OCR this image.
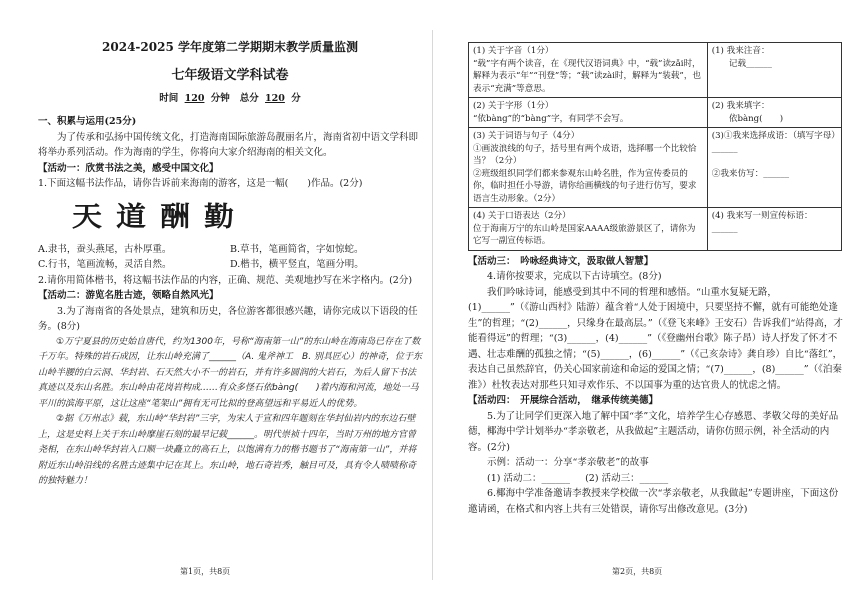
2024-2025 学年度第二学期期末教学质量监测
七年级语文学科试卷
时间 120 分钟 总分 120 分

一、积累与运用(25分)

为了传承和弘扬中国传统文化，打造海南国际旅游岛靓丽名片，海南省初中语文学科即将举办系列活动。作为海南的学生，你将向大家介绍海南的相关文化。

【活动一：欣赏书法之美，感受中国文化】

1.下面这幅书法作品，请你告诉前来海南的游客，这是一幅(　　)作品。(2分)

天道酬勤
A.隶书，蚕头燕尾，古朴厚重。	B.草书，笔画简省，字如惊蛇。
C.行书，笔画流畅，灵活自然。	D.楷书，横平竖直，笔画分明。

2.请你用简体楷书，将这幅书法作品的内容，正确、规范、美观地抄写在米字格内。(2分)

【活动二：游览名胜古迹，领略自然风光】

3.为了海南省的各处景点，建筑和历史，各位游客都很感兴趣，请你完成以下语段的任务。(8分)

①万宁夏县的历史始自唐代，约为1300年，号称“海南第一山”的东山岭在海南岛已存在了数千万年。特殊的岩石成因，让东山岭充满了______（A. 鬼斧神工　B. 别具匠心）的神奇，位于东山岭半腰的白云洞、华封岩、石天然大小不一的岩石，并有许多圆润的大岩石，为后人留下书法真迹以及东山名胜。东山岭由花岗岩构成……有众多怪石依bàng(　　)着内海和河流，地处一马平川的滨海平原，这让这座“笔架山”拥有无可比拟的登高望远和平易近人的优势。

②据《万州志》载，东山岭“华封岩”三字，为宋人于宣和四年题刻在华封仙岩内的东边石壁上，这是史料上关于东山岭摩崖石刻的最早记载______。明代崇祯十四年，当时万州的地方官曾尧相，在东山岭华封岩入口顺一块矗立的高石上，以饱满有力的楷书题书了“海南第一山”，并将附近东山岭沿线的名胜古迹集中记在其上。东山岭，地石奇岩秀，触目可及，具有令人啧啧称奇的独特魅力！

第1页，共8页
(1) 关于字音（1分）
“载”字有两个读音，在《现代汉语词典》中，“载”读zǎi时，解释为表示“年”“刊登”等；“载”读zài时，解释为“装载”，也表示“充满”等意思。	(1) 我来注音：
　　记载______
(2) 关于字形（1分）
“依bàng”的“bàng”字，有同学不会写。	(2) 我来填字：
　　依bàng(　　)
(3) 关于词语与句子（4分）
①画波浪线的句子，括号里有两个成语，选择哪一个比较恰当？（2分）
②班级组织同学们都来参观东山岭名胜，作为宣传委员的你，临时担任小导游，请你给画横线的句子进行仿写，要求语言生动形象。（2分）	(3)①我来选择成语：（填写字母）______

②我来仿写：______
(4) 关于口语表达（2分）
位于海南万宁的东山岭是国家AAAA级旅游景区了，请你为它写一副宣传标语。	(4) 我来写一则宣传标语：______

【活动三：　吟咏经典诗文，汲取做人智慧】

4.请你按要求，完成以下古诗填空。(8分)

我们吟咏诗词，能感受到其中不同的哲理和感悟。“山重水复疑无路，(1)______”（《游山西村》陆游）蕴含着“人处于困境中，只要坚持不懈，就有可能绝处逢生”的哲理；“(2)______，只缘身在最高层。”（《登飞来峰》王安石）告诉我们“站得高，才能看得远”的哲理；“(3)______，(4)______”（《登幽州台歌》陈子昂）诗人抒发了怀才不遇、壮志难酬的孤独之情；“(5)______，(6)______”（《己亥杂诗》龚自珍）自比“落红”，表达自己虽然辞官，仍关心国家前途和命运的爱国之情；“(7)______，(8)______”（《泊秦淮》）杜牧表达对那些只知寻欢作乐、不以国事为重的达官贵人的忧虑之情。

【活动四：　开展综合活动，　继承传统美德】

5.为了让同学们更深入地了解中国“孝”文化，培养学生心存感恩、孝敬父母的美好品德，椰海中学计划举办“孝亲敬老，从我做起”主题活动，请你仿照示例，补全活动的内容。(2分)

示例：活动一：分享“孝亲敬老”的故事

(1) 活动二：______ (2) 活动三：______

6.椰海中学准备邀请李教授来学校做一次“孝亲敬老，从我做起”专题讲座，下面这份邀请函，在格式和内容上共有三处错误，请你写出修改意见。(3分)

第2页，共8页
